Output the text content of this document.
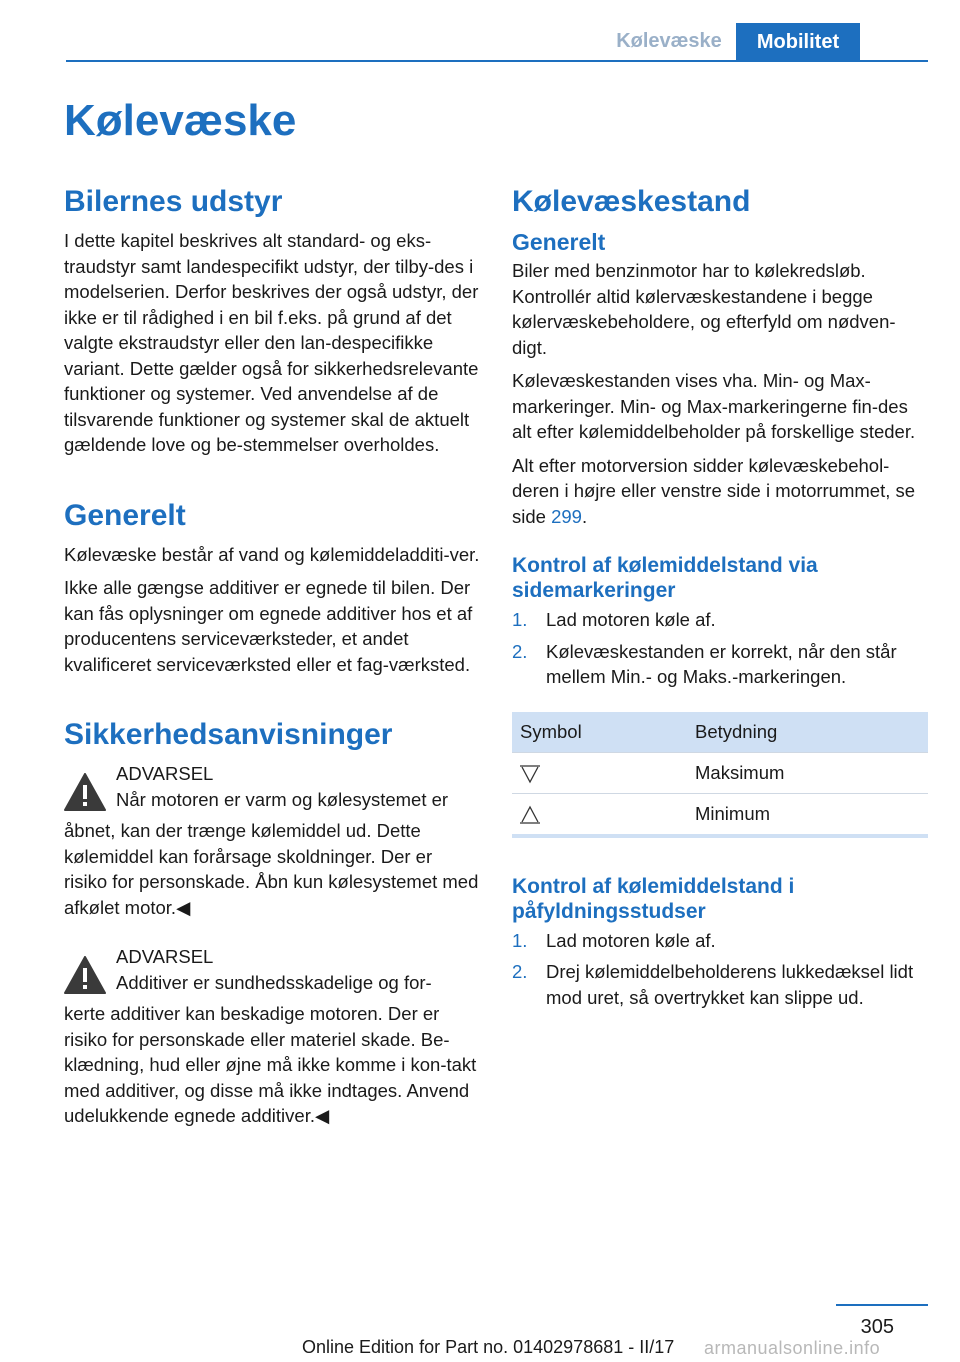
Kølevæske	Mobilitet
Kølevæske
Bilernes udstyr

I dette kapitel beskrives alt standard- og eks-traudstyr samt landespecifikt udstyr, der tilby-des i modelserien. Derfor beskrives der også udstyr, der ikke er til rådighed i en bil f.eks. på grund af det valgte ekstraudstyr eller den lan-despecifikke variant. Dette gælder også for sikkerhedsrelevante funktioner og systemer. Ved anvendelse af de tilsvarende funktioner og systemer skal de aktuelt gældende love og be-stemmelser overholdes.

Generelt

Kølevæske består af vand og kølemiddeladditi-ver.

Ikke alle gængse additiver er egnede til bilen. Der kan fås oplysninger om egnede additiver hos et af producentens serviceværksteder, et andet kvalificeret serviceværksted eller et fag-værksted.

Sikkerhedsanvisninger

ADVARSEL

Når motoren er varm og kølesystemet er

åbnet, kan der trænge kølemiddel ud. Dette kølemiddel kan forårsage skoldninger. Der er risiko for personskade. Åbn kun kølesystemet med afkølet motor.◀

ADVARSEL

Additiver er sundhedsskadelige og for-

kerte additiver kan beskadige motoren. Der er risiko for personskade eller materiel skade. Be-klædning, hud eller øjne må ikke komme i kon-takt med additiver, og disse må ikke indtages. Anvend udelukkende egnede additiver.◀

Kølevæskestand
Generelt

Biler med benzinmotor har to kølekredsløb. Kontrollér altid kølervæskestandene i begge kølervæskebeholdere, og efterfyld om nødven-digt.

Kølevæskestanden vises vha. Min- og Max-markeringer. Min- og Max-markeringerne fin-des alt efter kølemiddelbeholder på forskellige steder.

Alt efter motorversion sidder kølevæskebehol-deren i højre eller venstre side i motorrummet, se side 299.

Kontrol af kølemiddelstand via sidemarkeringer
1. Lad motoren køle af.
2. Kølevæskestanden er korrekt, når den står mellem Min.- og Maks.-markeringen.
Symbol	Betydning
	Maksimum
	Minimum
Kontrol af kølemiddelstand i påfyldningsstudser
1. Lad motoren køle af.
2. Drej kølemiddelbeholderens lukkedæksel lidt mod uret, så overtrykket kan slippe ud.
305
Online Edition for Part no. 01402978681 - II/17 armanualsonline.info
